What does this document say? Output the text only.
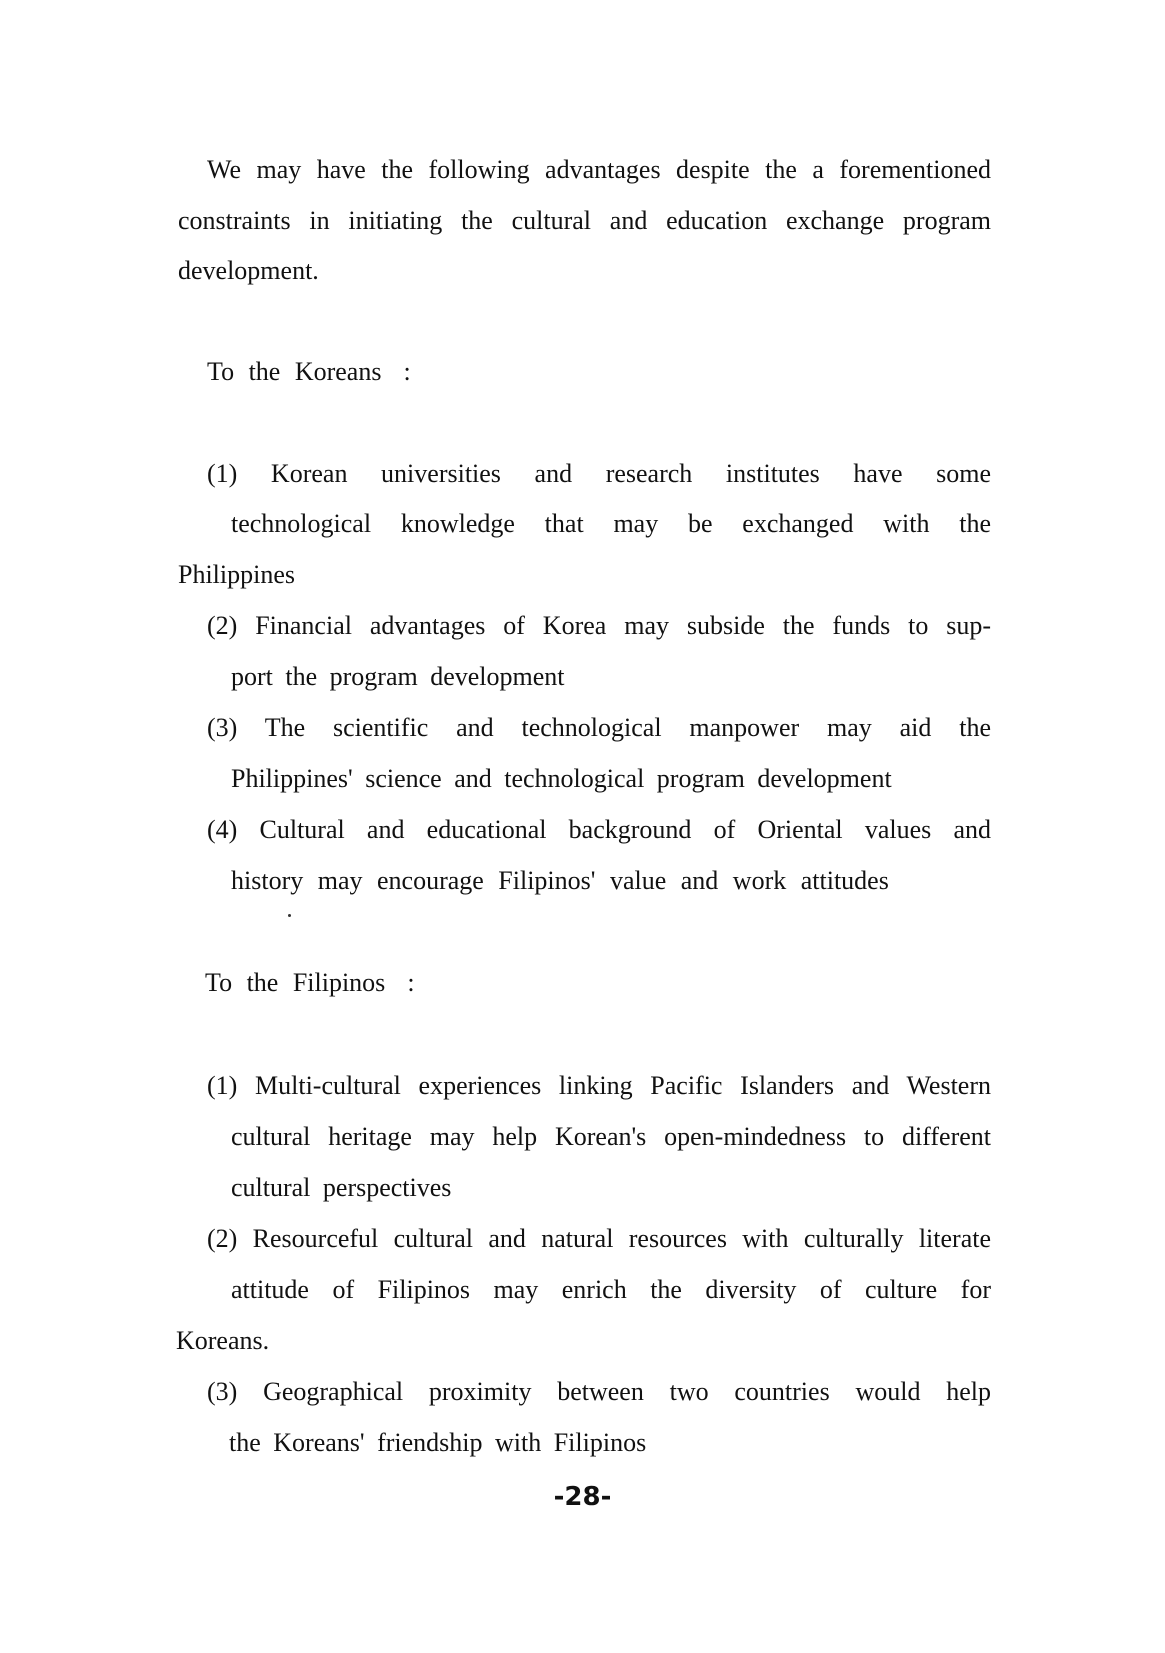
We may have the following advantages despite the a forementioned
constraints in initiating the cultural and education exchange program
development.
To the Koreans :
(1) Korean universities and research institutes have some
technological knowledge that may be exchanged with the
Philippines
(2) Financial advantages of Korea may subside the funds to sup-
port the program development
(3) The scientific and technological manpower may aid the
Philippines' science and technological program development
(4) Cultural and educational background of Oriental values and
history may encourage Filipinos' value and work attitudes
To the Filipinos :
(1) Multi-cultural experiences linking Pacific Islanders and Western
cultural heritage may help Korean's open-mindedness to different
cultural perspectives
(2) Resourceful cultural and natural resources with culturally literate
attitude of Filipinos may enrich the diversity of culture for
Koreans.
(3) Geographical proximity between two countries would help
the Koreans' friendship with Filipinos
-28-
